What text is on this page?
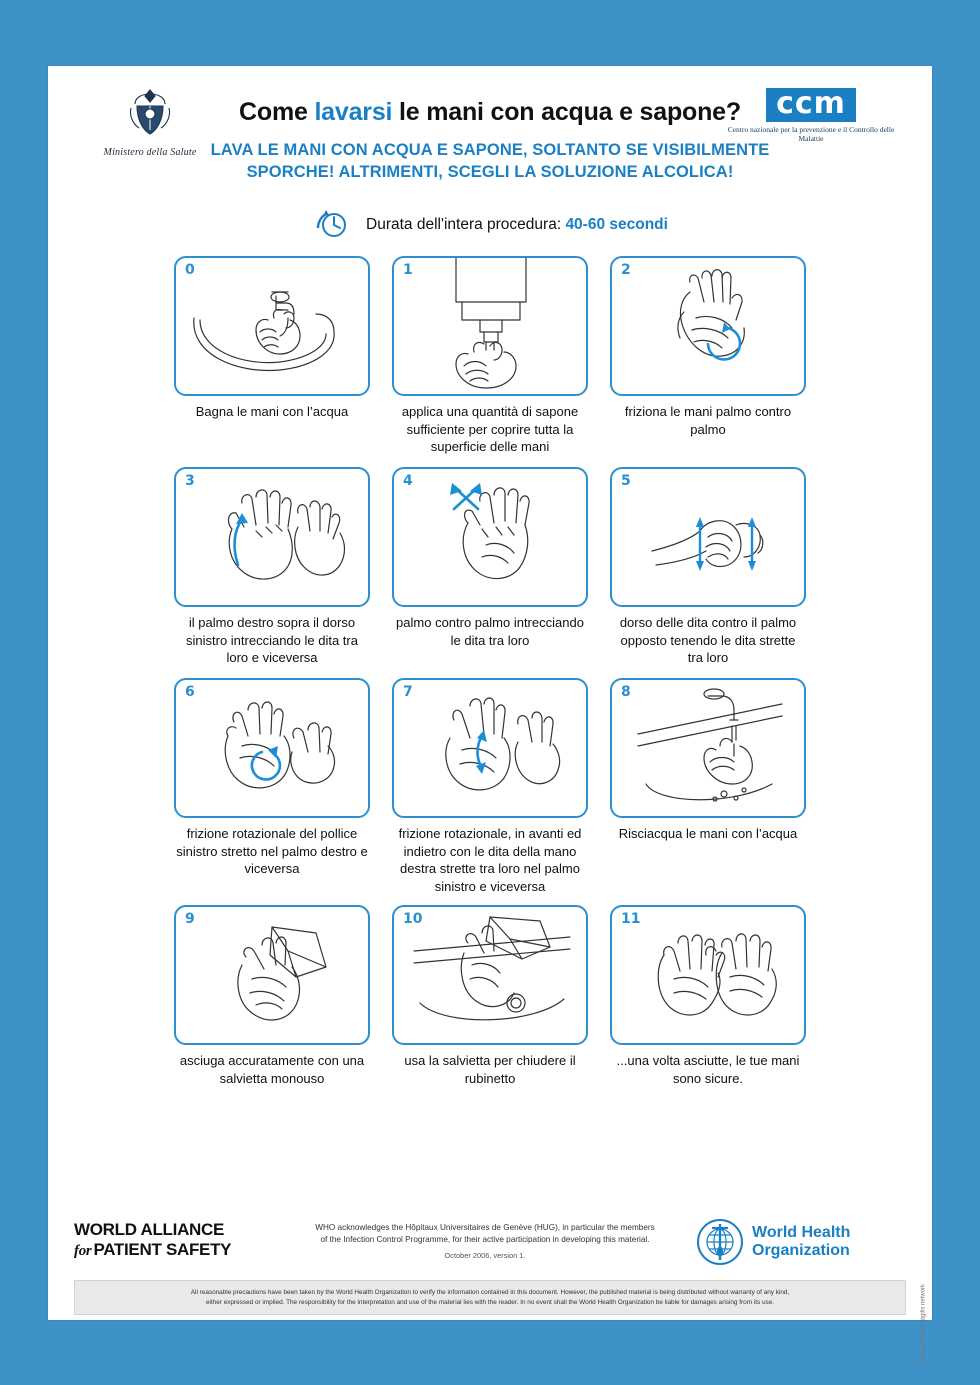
Ministero della Salute
ccm
Centro nazionale per la prevenzione e il Controllo delle Malattie
Come lavarsi le mani con acqua e sapone?
LAVA LE MANI CON ACQUA E SAPONE, SOLTANTO SE VISIBILMENTE
SPORCHE! ALTRIMENTI, SCEGLI LA SOLUZIONE ALCOLICA!
Durata dell'intera procedura: 40-60 secondi
0
Bagna le mani con l’acqua
1
applica una quantità di sapone sufficiente per coprire tutta la superficie delle mani
2
friziona le mani palmo contro palmo
3
il palmo destro sopra il dorso sinistro intrecciando le dita tra loro e viceversa
4
palmo contro palmo intrecciando le dita tra loro
5
dorso delle dita contro il palmo opposto tenendo le dita strette tra loro
6
frizione rotazionale del pollice sinistro stretto nel palmo destro e viceversa
7
frizione rotazionale, in avanti ed indietro con le dita della mano destra strette tra loro nel palmo sinistro e viceversa
8
Risciacqua le mani con l’acqua
9
asciuga accuratamente con una salvietta monouso
10
usa la salvietta per chiudere il rubinetto
11
...una volta asciutte, le tue mani sono sicure.
WORLD ALLIANCE
for PATIENT SAFETY

WHO acknowledges the Hôpitaux Universitaires de Genève (HUG), in particular the members

of the Infection Control Programme, for their active participation in developing this material.

October 2006, version 1.

World Health
Organization

All reasonable precautions have been taken by the World Health Organization to verify the information contained in this document. However, the published material is being distributed without warranty of any kind,

either expressed or implied. The responsibility for the interpretation and use of the material lies with the reader. In no event shall the World Health Organization be liable for damages arising from its use.	Design: mondofragilis network
